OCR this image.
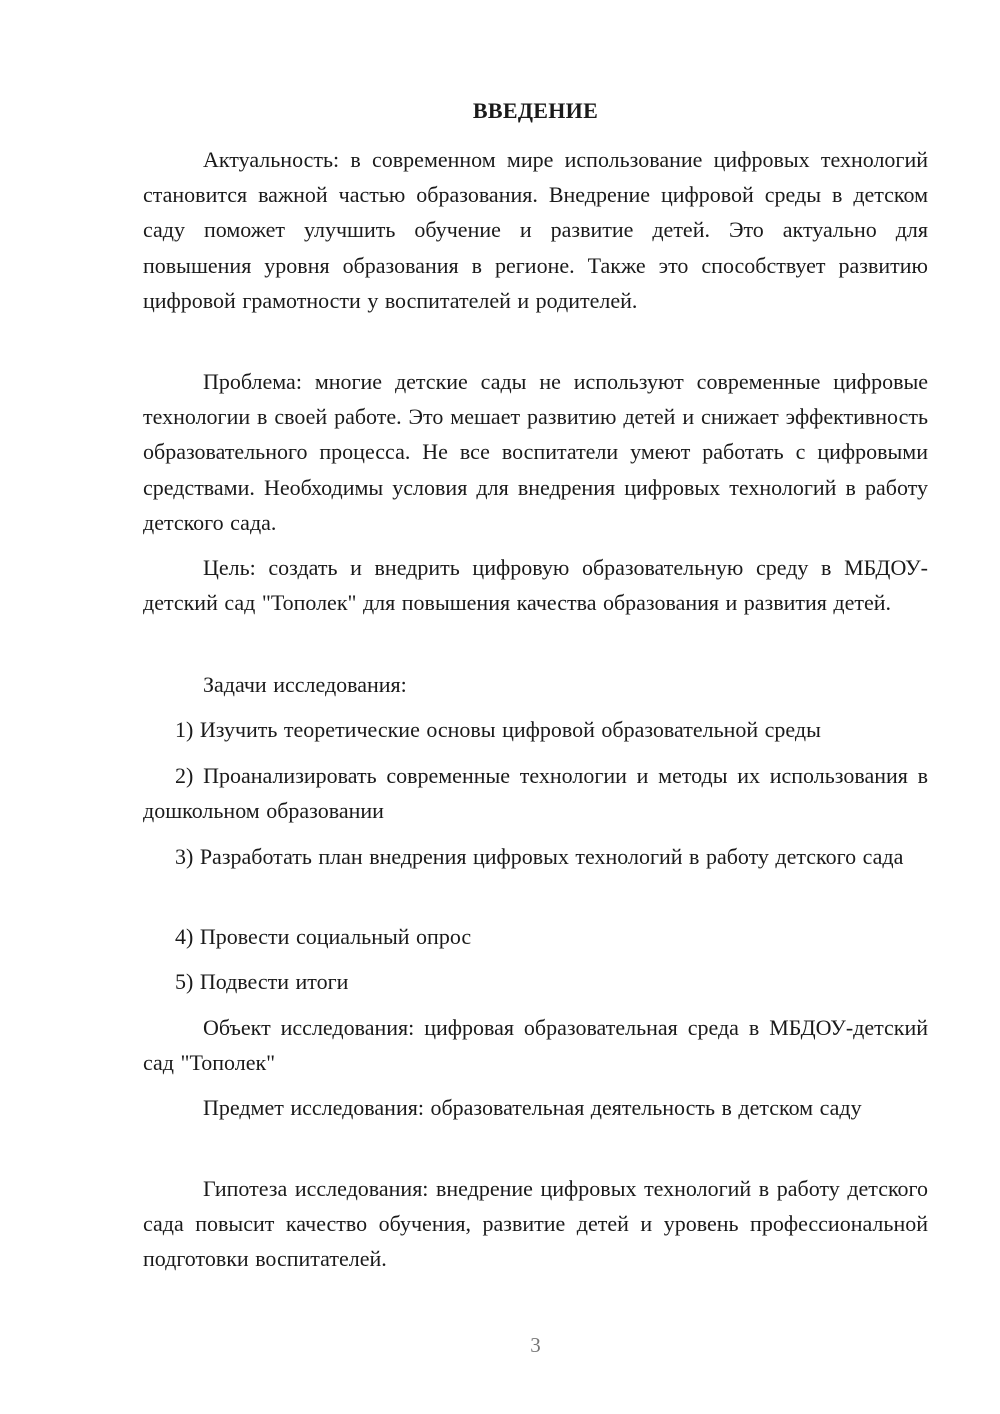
ВВЕДЕНИЕ

Актуальность: в современном мире использование цифровых технологий становится важной частью образования. Внедрение цифровой среды в детском саду поможет улучшить обучение и развитие детей. Это актуально для повышения уровня образования в регионе. Также это способствует развитию цифровой грамотности у воспитателей и родителей.

Проблема: многие детские сады не используют современные цифровые технологии в своей работе. Это мешает развитию детей и снижает эффективность образовательного процесса. Не все воспитатели умеют работать с цифровыми средствами. Необходимы условия для внедрения цифровых технологий в работу детского сада.

Цель: создать и внедрить цифровую образовательную среду в МБДОУ-детский сад "Тополек" для повышения качества образования и развития детей.

Задачи исследования:

1) Изучить теоретические основы цифровой образовательной среды

2) Проанализировать современные технологии и методы их использования в дошкольном образовании

3) Разработать план внедрения цифровых технологий в работу детского сада

4) Провести социальный опрос

5) Подвести итоги

Объект исследования: цифровая образовательная среда в МБДОУ-детский сад "Тополек"

Предмет исследования: образовательная деятельность в детском саду

Гипотеза исследования: внедрение цифровых технологий в работу детского сада повысит качество обучения, развитие детей и уровень профессиональной подготовки воспитателей.

3
